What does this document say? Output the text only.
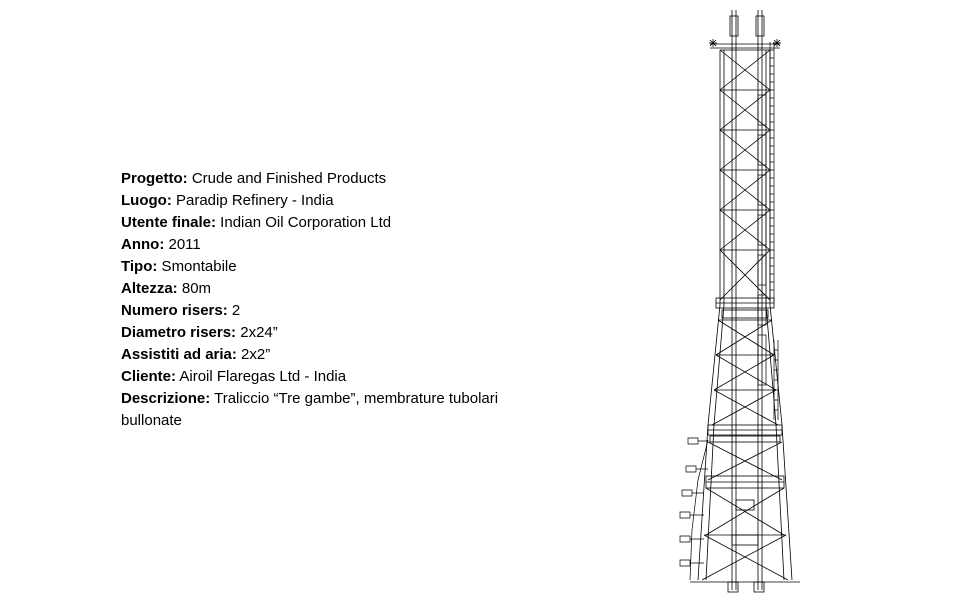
Progetto: Crude and Finished Products

Luogo: Paradip Refinery - India

Utente finale: Indian Oil Corporation Ltd

Anno: 2011

Tipo: Smontabile

Altezza: 80m

Numero risers: 2

Diametro risers: 2x24”

Assistiti ad aria: 2x2”

Cliente: Airoil Flaregas Ltd - India

Descrizione: Traliccio “Tre gambe”, membrature tubolari bullonate
